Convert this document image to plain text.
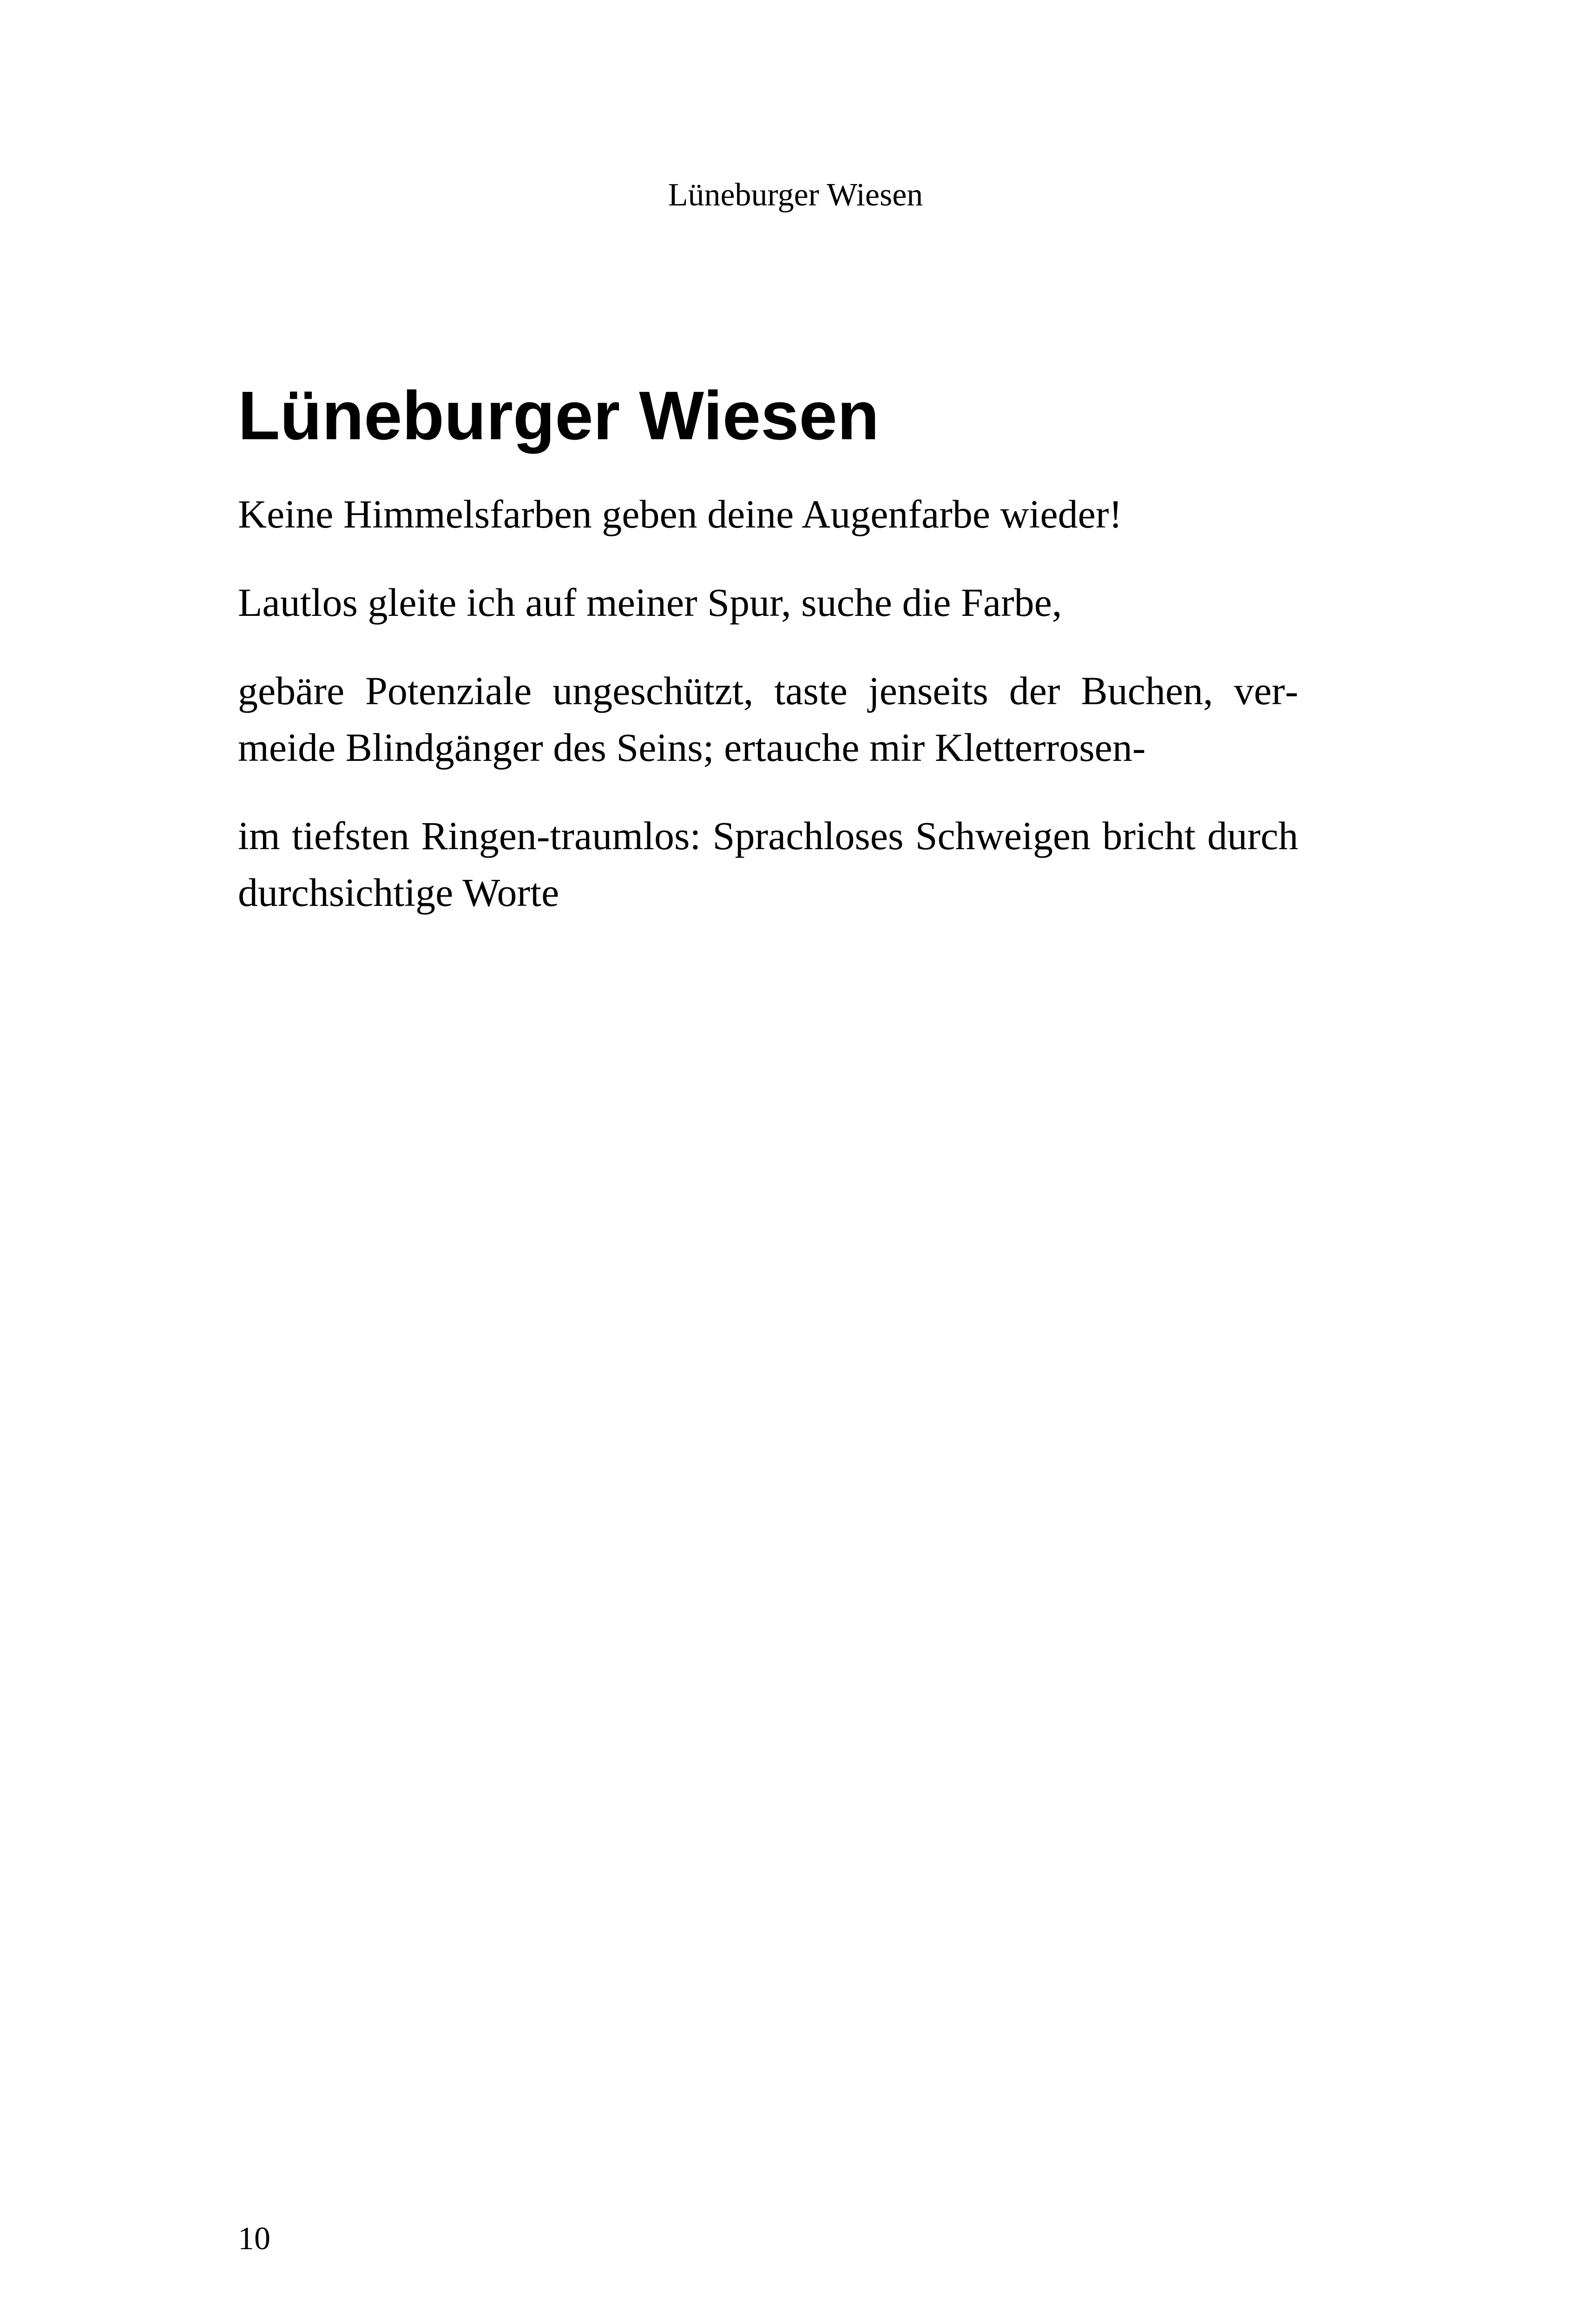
Lüneburger Wiesen
Lüneburger Wiesen

Keine Himmelsfarben geben deine Augenfarbe wieder!

Lautlos gleite ich auf meiner Spur, suche die Farbe,

gebäre Potenziale ungeschützt, taste jenseits der Buchen, vermeide Blindgänger des Seins; ertauche mir Kletterrosen-

im tiefsten Ringen-traumlos: Sprachloses Schweigen bricht durch durchsichtige Worte

10
